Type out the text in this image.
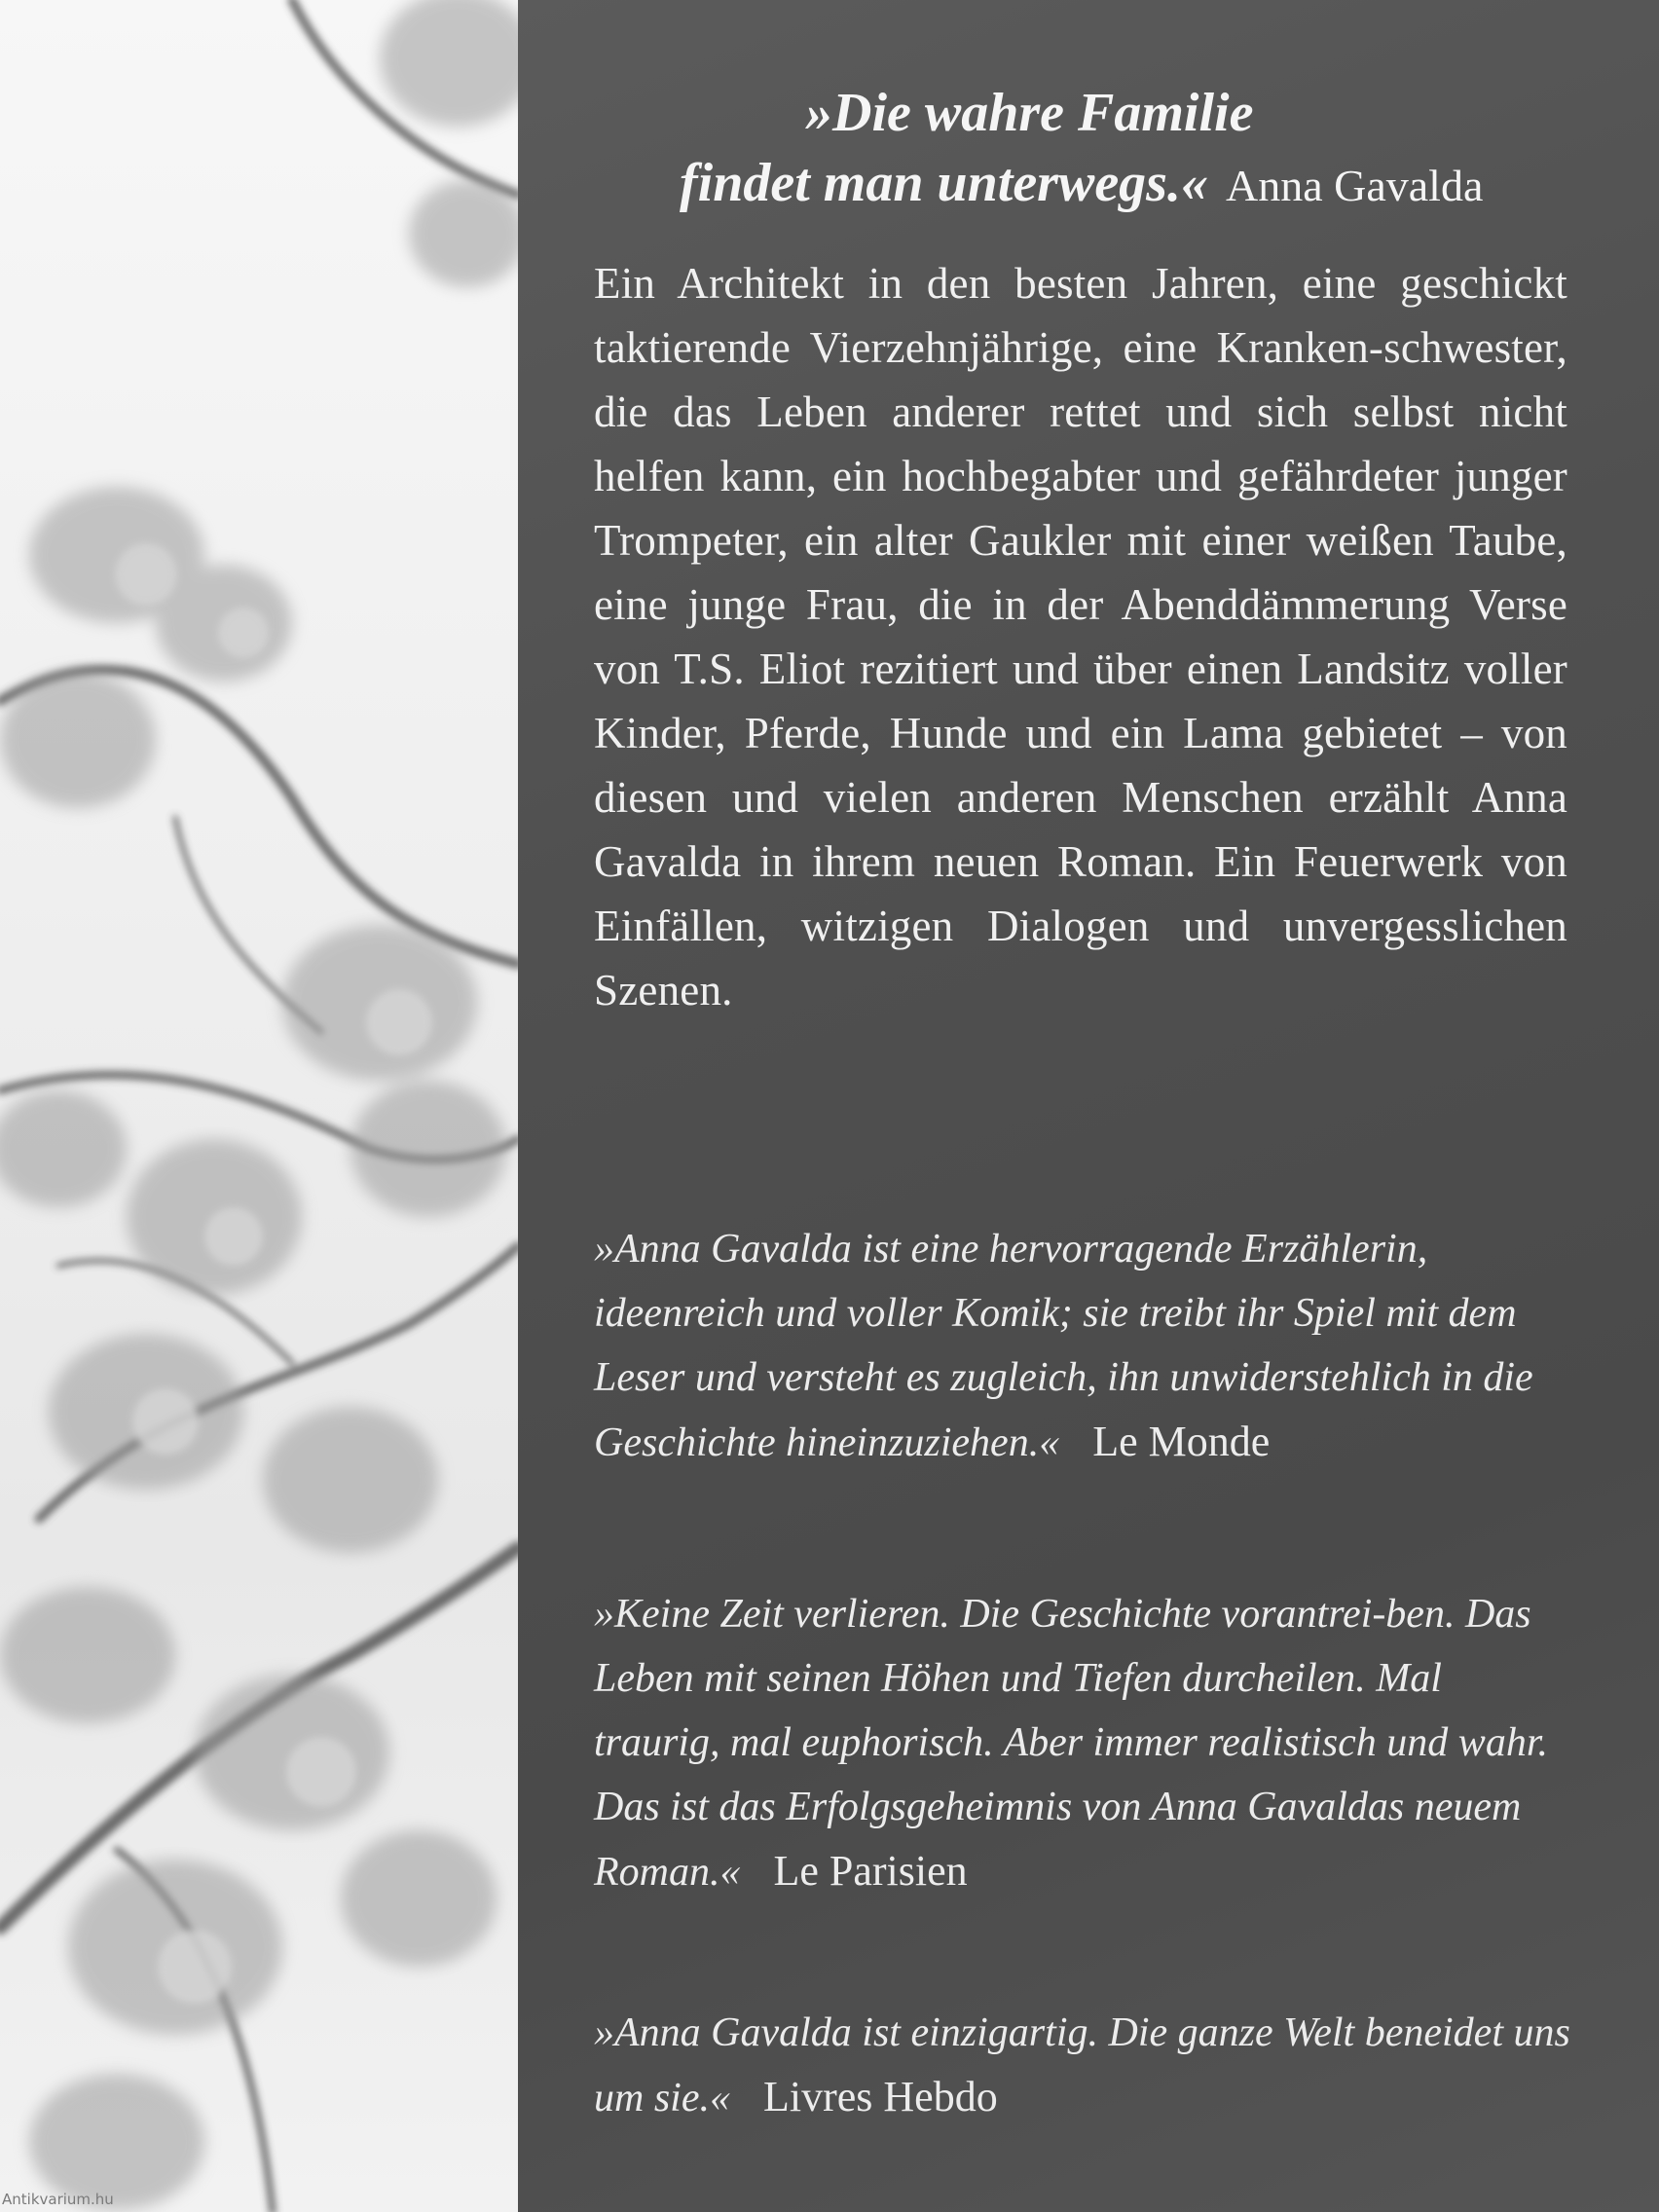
Antikvarium.hu
»Die wahre Familie
findet man unterwegs.« Anna Gavalda
Ein Architekt in den besten Jahren, eine geschickt taktierende Vierzehnjährige, eine Kranken-schwester, die das Leben anderer rettet und sich selbst nicht helfen kann, ein hochbegabter und gefährdeter junger Trompeter, ein alter Gaukler mit einer weißen Taube, eine junge Frau, die in der Abenddämmerung Verse von T.S. Eliot rezitiert und über einen Landsitz voller Kinder, Pferde, Hunde und ein Lama gebietet – von diesen und vielen anderen Menschen erzählt Anna Gavalda in ihrem neuen Roman. Ein Feuerwerk von Einfällen, witzigen Dialogen und unvergesslichen Szenen.
»Anna Gavalda ist eine hervorragende Erzählerin, ideenreich und voller Komik; sie treibt ihr Spiel mit dem Leser und versteht es zugleich, ihn unwiderstehlich in die Geschichte hineinzuziehen.« Le Monde
»Keine Zeit verlieren. Die Geschichte vorantrei-ben. Das Leben mit seinen Höhen und Tiefen durcheilen. Mal traurig, mal euphorisch. Aber immer realistisch und wahr. Das ist das Erfolgsgeheimnis von Anna Gavaldas neuem Roman.« Le Parisien
»Anna Gavalda ist einzigartig. Die ganze Welt beneidet uns um sie.« Livres Hebdo
